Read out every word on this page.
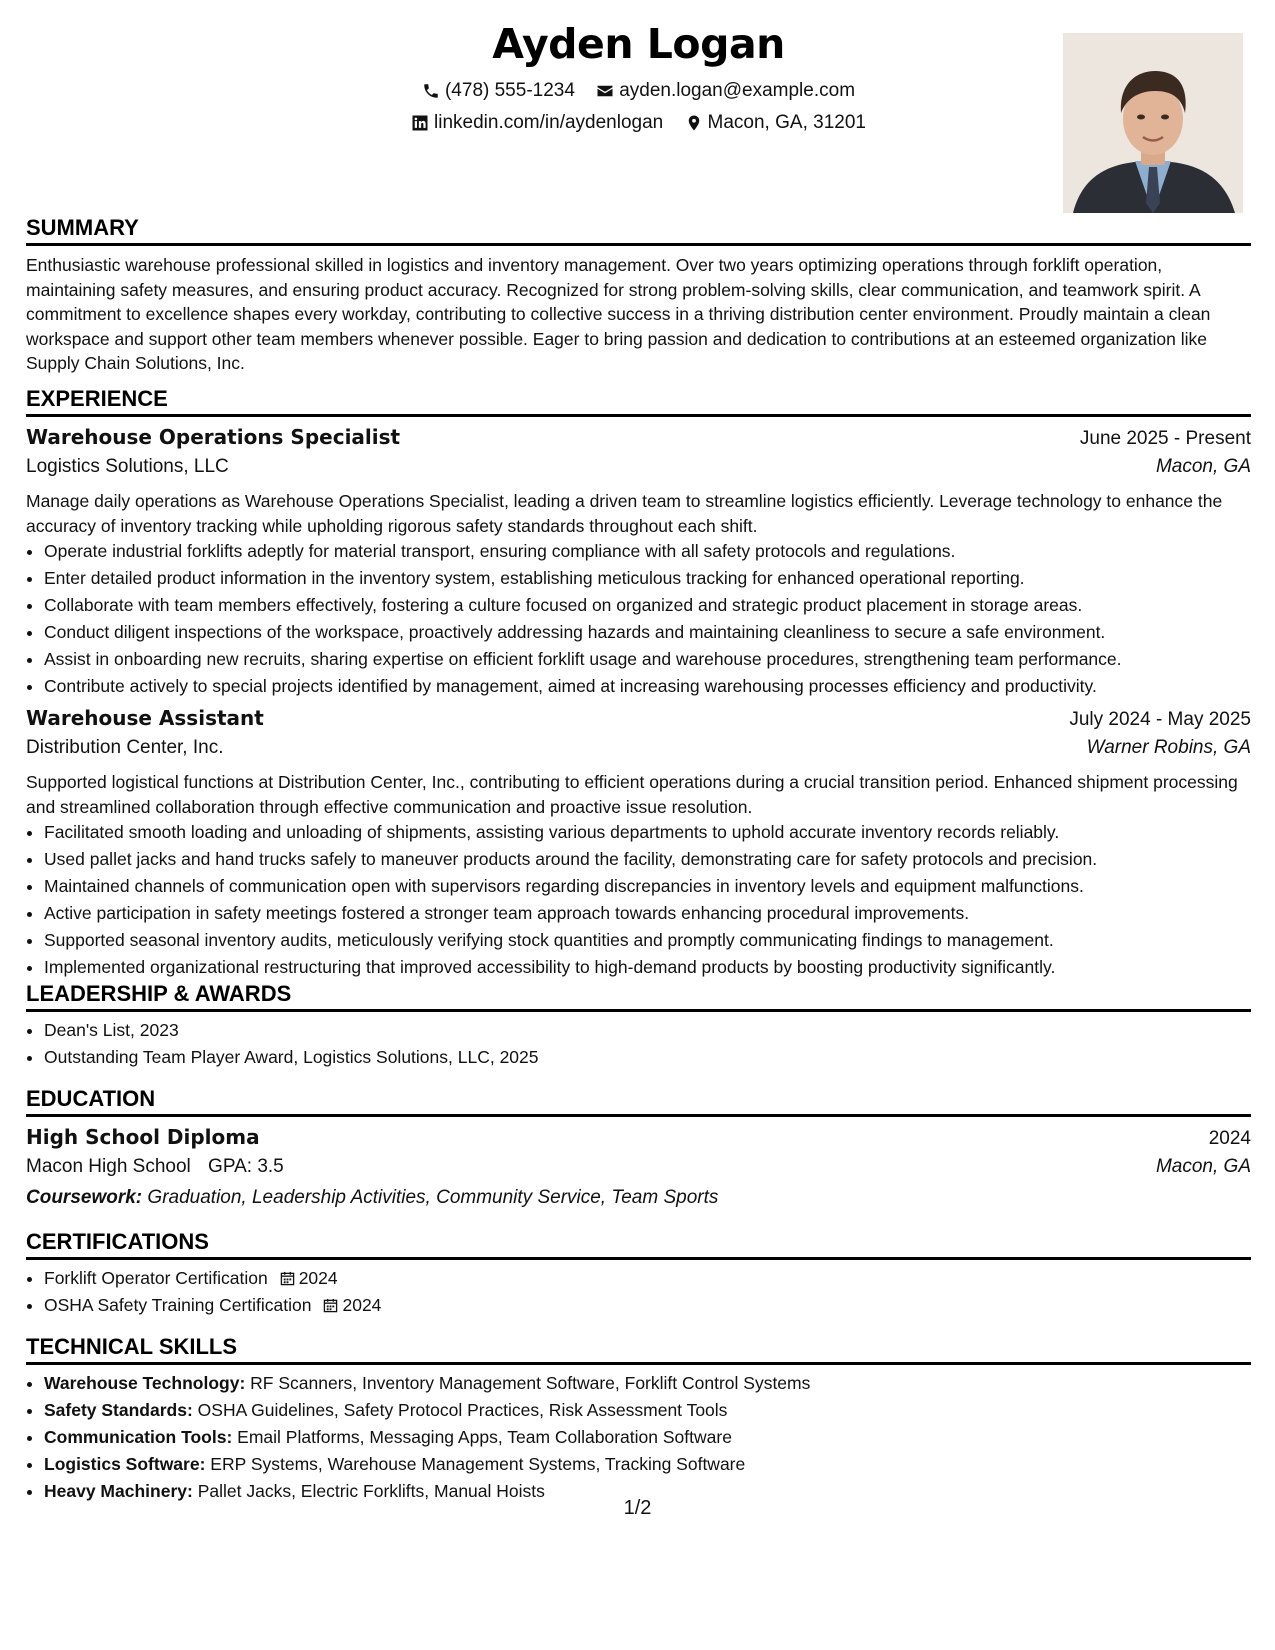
Ayden Logan
(478) 555-1234
ayden.logan@example.com
linkedin.com/in/aydenlogan
Macon, GA, 31201
SUMMARY
Enthusiastic warehouse professional skilled in logistics and inventory management. Over two years optimizing operations through forklift operation, maintaining safety measures, and ensuring product accuracy. Recognized for strong problem-solving skills, clear communication, and teamwork spirit. A commitment to excellence shapes every workday, contributing to collective success in a thriving distribution center environment. Proudly maintain a clean workspace and support other team members whenever possible. Eager to bring passion and dedication to contributions at an esteemed organization like Supply Chain Solutions, Inc.
EXPERIENCE
Warehouse Operations Specialist	June 2025 - Present
Logistics Solutions, LLC	Macon, GA
Manage daily operations as Warehouse Operations Specialist, leading a driven team to streamline logistics efficiently. Leverage technology to enhance the accuracy of inventory tracking while upholding rigorous safety standards throughout each shift.
• Operate industrial forklifts adeptly for material transport, ensuring compliance with all safety protocols and regulations.
• Enter detailed product information in the inventory system, establishing meticulous tracking for enhanced operational reporting.
• Collaborate with team members effectively, fostering a culture focused on organized and strategic product placement in storage areas.
• Conduct diligent inspections of the workspace, proactively addressing hazards and maintaining cleanliness to secure a safe environment.
• Assist in onboarding new recruits, sharing expertise on efficient forklift usage and warehouse procedures, strengthening team performance.
• Contribute actively to special projects identified by management, aimed at increasing warehousing processes efficiency and productivity.
Warehouse Assistant	July 2024 - May 2025
Distribution Center, Inc.	Warner Robins, GA
Supported logistical functions at Distribution Center, Inc., contributing to efficient operations during a crucial transition period. Enhanced shipment processing and streamlined collaboration through effective communication and proactive issue resolution.
• Facilitated smooth loading and unloading of shipments, assisting various departments to uphold accurate inventory records reliably.
• Used pallet jacks and hand trucks safely to maneuver products around the facility, demonstrating care for safety protocols and precision.
• Maintained channels of communication open with supervisors regarding discrepancies in inventory levels and equipment malfunctions.
• Active participation in safety meetings fostered a stronger team approach towards enhancing procedural improvements.
• Supported seasonal inventory audits, meticulously verifying stock quantities and promptly communicating findings to management.
• Implemented organizational restructuring that improved accessibility to high-demand products by boosting productivity significantly.
LEADERSHIP & AWARDS
• Dean's List, 2023
• Outstanding Team Player Award, Logistics Solutions, LLC, 2025
EDUCATION
High School Diploma	2024
Macon High School GPA: 3.5	Macon, GA
Coursework: Graduation, Leadership Activities, Community Service, Team Sports
CERTIFICATIONS
• Forklift Operator Certification 2024
• OSHA Safety Training Certification 2024
TECHNICAL SKILLS
• Warehouse Technology: RF Scanners, Inventory Management Software, Forklift Control Systems
• Safety Standards: OSHA Guidelines, Safety Protocol Practices, Risk Assessment Tools
• Communication Tools: Email Platforms, Messaging Apps, Team Collaboration Software
• Logistics Software: ERP Systems, Warehouse Management Systems, Tracking Software
• Heavy Machinery: Pallet Jacks, Electric Forklifts, Manual Hoists
1/2
